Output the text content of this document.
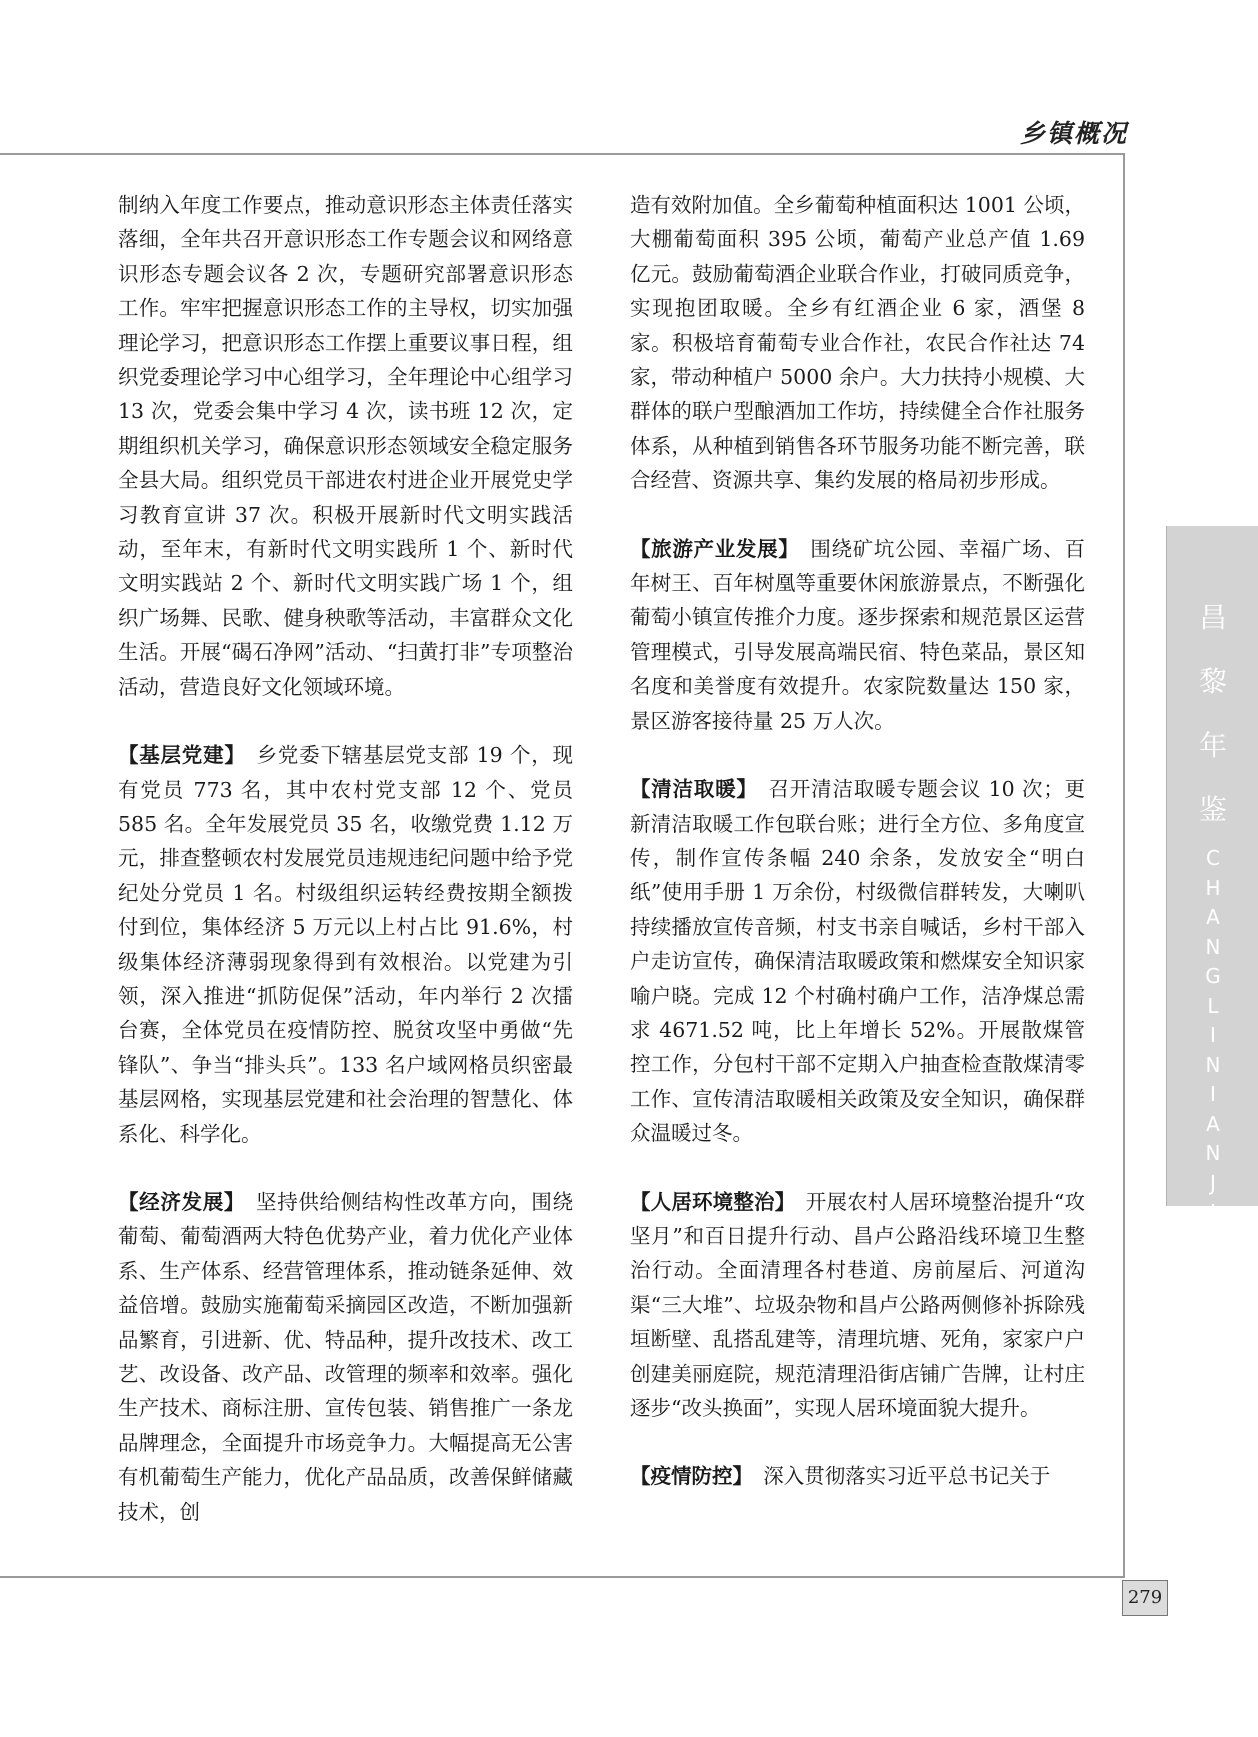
乡镇概况

制纳入年度工作要点，推动意识形态主体责任落实落细，全年共召开意识形态工作专题会议和网络意识形态专题会议各 2 次，专题研究部署意识形态工作。牢牢把握意识形态工作的主导权，切实加强理论学习，把意识形态工作摆上重要议事日程，组织党委理论学习中心组学习，全年理论中心组学习 13 次，党委会集中学习 4 次，读书班 12 次，定期组织机关学习，确保意识形态领域安全稳定服务全县大局。组织党员干部进农村进企业开展党史学习教育宣讲 37 次。积极开展新时代文明实践活动，至年末，有新时代文明实践所 1 个、新时代文明实践站 2 个、新时代文明实践广场 1 个，组织广场舞、民歌、健身秧歌等活动，丰富群众文化生活。开展“碣石净网”活动、“扫黄打非”专项整治活动，营造良好文化领域环境。

【基层党建】　 乡党委下辖基层党支部 19 个，现有党员 773 名，其中农村党支部 12 个、党员 585 名。全年发展党员 35 名，收缴党费 1.12 万元，排查整顿农村发展党员违规违纪问题中给予党纪处分党员 1 名。村级组织运转经费按期全额拨付到位，集体经济 5 万元以上村占比 91.6%，村级集体经济薄弱现象得到有效根治。以党建为引领，深入推进“抓防促保”活动，年内举行 2 次擂台赛，全体党员在疫情防控、脱贫攻坚中勇做“先锋队”、争当“排头兵”。133 名户域网格员织密最基层网格，实现基层党建和社会治理的智慧化、体系化、科学化。

【经济发展】　 坚持供给侧结构性改革方向，围绕葡萄、葡萄酒两大特色优势产业，着力优化产业体系、生产体系、经营管理体系，推动链条延伸、效益倍增。鼓励实施葡萄采摘园区改造，不断加强新品繁育，引进新、优、特品种，提升改技术、改工艺、改设备、改产品、改管理的频率和效率。强化生产技术、商标注册、宣传包装、销售推广一条龙品牌理念，全面提升市场竞争力。大幅提高无公害有机葡萄生产能力，优化产品品质，改善保鲜储藏技术，创

造有效附加值。全乡葡萄种植面积达 1001 公顷，大棚葡萄面积 395 公顷，葡萄产业总产值 1.69 亿元。鼓励葡萄酒企业联合作业，打破同质竞争，实现抱团取暖。全乡有红酒企业 6 家，酒堡 8 家。积极培育葡萄专业合作社，农民合作社达 74 家，带动种植户 5000 余户。大力扶持小规模、大群体的联户型酿酒加工作坊，持续健全合作社服务体系，从种植到销售各环节服务功能不断完善，联合经营、资源共享、集约发展的格局初步形成。

【旅游产业发展】　 围绕矿坑公园、幸福广场、百年树王、百年树凰等重要休闲旅游景点，不断强化葡萄小镇宣传推介力度。逐步探索和规范景区运营管理模式，引导发展高端民宿、特色菜品，景区知名度和美誉度有效提升。农家院数量达 150 家，景区游客接待量 25 万人次。

【清洁取暖】　 召开清洁取暖专题会议 10 次；更新清洁取暖工作包联台账；进行全方位、多角度宣传，制作宣传条幅 240 余条，发放安全“明白纸”使用手册 1 万余份，村级微信群转发，大喇叭持续播放宣传音频，村支书亲自喊话，乡村干部入户走访宣传，确保清洁取暖政策和燃煤安全知识家喻户晓。完成 12 个村确村确户工作，洁净煤总需求 4671.52 吨，比上年增长 52%。开展散煤管控工作，分包村干部不定期入户抽查检查散煤清零工作、宣传清洁取暖相关政策及安全知识，确保群众温暖过冬。

【人居环境整治】　 开展农村人居环境整治提升“攻坚月”和百日提升行动、昌卢公路沿线环境卫生整治行动。全面清理各村巷道、房前屋后、河道沟渠“三大堆”、垃圾杂物和昌卢公路两侧修补拆除残垣断壁、乱搭乱建等，清理坑塘、死角，家家户户创建美丽庭院，规范清理沿街店铺广告牌，让村庄逐步“改头换面”，实现人居环境面貌大提升。

【疫情防控】　 深入贯彻落实习近平总书记关于

昌
黎
年
鉴
C
H
A
N
G
L
I
N
I
A
N
J
I
A
N
279
